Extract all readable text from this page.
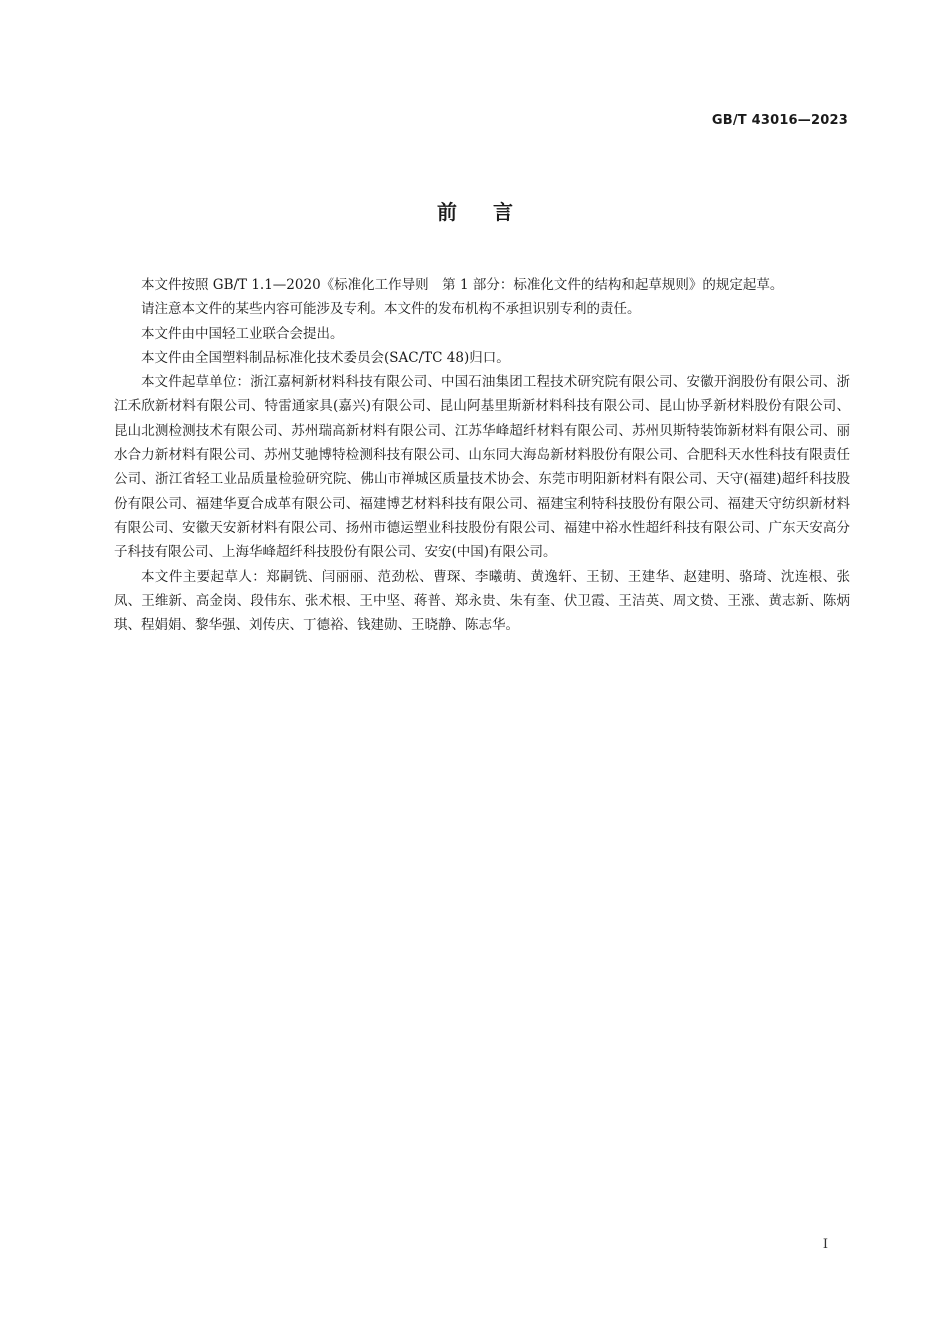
GB/T 43016—2023
前言

本文件按照 GB/T 1.1—2020《标准化工作导则　第 1 部分：标准化文件的结构和起草规则》的规定起草。

请注意本文件的某些内容可能涉及专利。本文件的发布机构不承担识别专利的责任。

本文件由中国轻工业联合会提出。

本文件由全国塑料制品标准化技术委员会(SAC/TC 48)归口。

本文件起草单位：浙江嘉柯新材料科技有限公司、中国石油集团工程技术研究院有限公司、安徽开润股份有限公司、浙江禾欣新材料有限公司、特雷通家具(嘉兴)有限公司、昆山阿基里斯新材料科技有限公司、昆山协孚新材料股份有限公司、昆山北测检测技术有限公司、苏州瑞高新材料有限公司、江苏华峰超纤材料有限公司、苏州贝斯特装饰新材料有限公司、丽水合力新材料有限公司、苏州艾驰博特检测科技有限公司、山东同大海岛新材料股份有限公司、合肥科天水性科技有限责任公司、浙江省轻工业品质量检验研究院、佛山市禅城区质量技术协会、东莞市明阳新材料有限公司、天守(福建)超纤科技股份有限公司、福建华夏合成革有限公司、福建博艺材料科技有限公司、福建宝利特科技股份有限公司、福建天守纺织新材料有限公司、安徽天安新材料有限公司、扬州市德运塑业科技股份有限公司、福建中裕水性超纤科技有限公司、广东天安高分子科技有限公司、上海华峰超纤科技股份有限公司、安安(中国)有限公司。

本文件主要起草人：郑嗣铣、闫丽丽、范劲松、曹琛、李曦萌、黄逸轩、王韧、王建华、赵建明、骆琦、沈连根、张凤、王维新、高金岗、段伟东、张术根、王中坚、蒋普、郑永贵、朱有奎、伏卫霞、王洁英、周文贽、王涨、黄志新、陈炳琪、程娟娟、黎华强、刘传庆、丁德裕、钱建勋、王晓静、陈志华。

I
